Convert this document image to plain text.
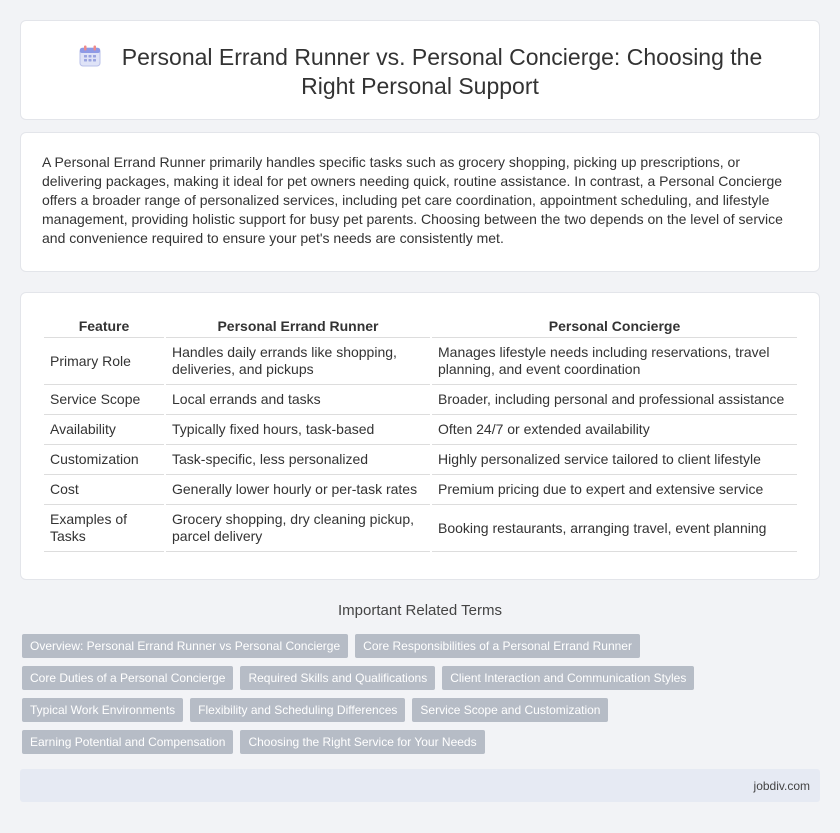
Personal Errand Runner vs. Personal Concierge: Choosing the
Right Personal Support
A Personal Errand Runner primarily handles specific tasks such as grocery shopping, picking up prescriptions, or delivering packages, making it ideal for pet owners needing quick, routine assistance. In contrast, a Personal Concierge offers a broader range of personalized services, including pet care coordination, appointment scheduling, and lifestyle management, providing holistic support for busy pet parents. Choosing between the two depends on the level of service and convenience required to ensure your pet's needs are consistently met.
Feature	Personal Errand Runner	Personal Concierge
Primary Role	Handles daily errands like shopping, deliveries, and pickups	Manages lifestyle needs including reservations, travel planning, and event coordination
Service Scope	Local errands and tasks	Broader, including personal and professional assistance
Availability	Typically fixed hours, task-based	Often 24/7 or extended availability
Customization	Task-specific, less personalized	Highly personalized service tailored to client lifestyle
Cost	Generally lower hourly or per-task rates	Premium pricing due to expert and extensive service
Examples of Tasks	Grocery shopping, dry cleaning pickup, parcel delivery	Booking restaurants, arranging travel, event planning
Important Related Terms
Overview: Personal Errand Runner vs Personal Concierge Core Responsibilities of a Personal Errand Runner
Core Duties of a Personal Concierge Required Skills and Qualifications Client Interaction and Communication Styles
Typical Work Environments Flexibility and Scheduling Differences Service Scope and Customization
Earning Potential and Compensation Choosing the Right Service for Your Needs
jobdiv.com
